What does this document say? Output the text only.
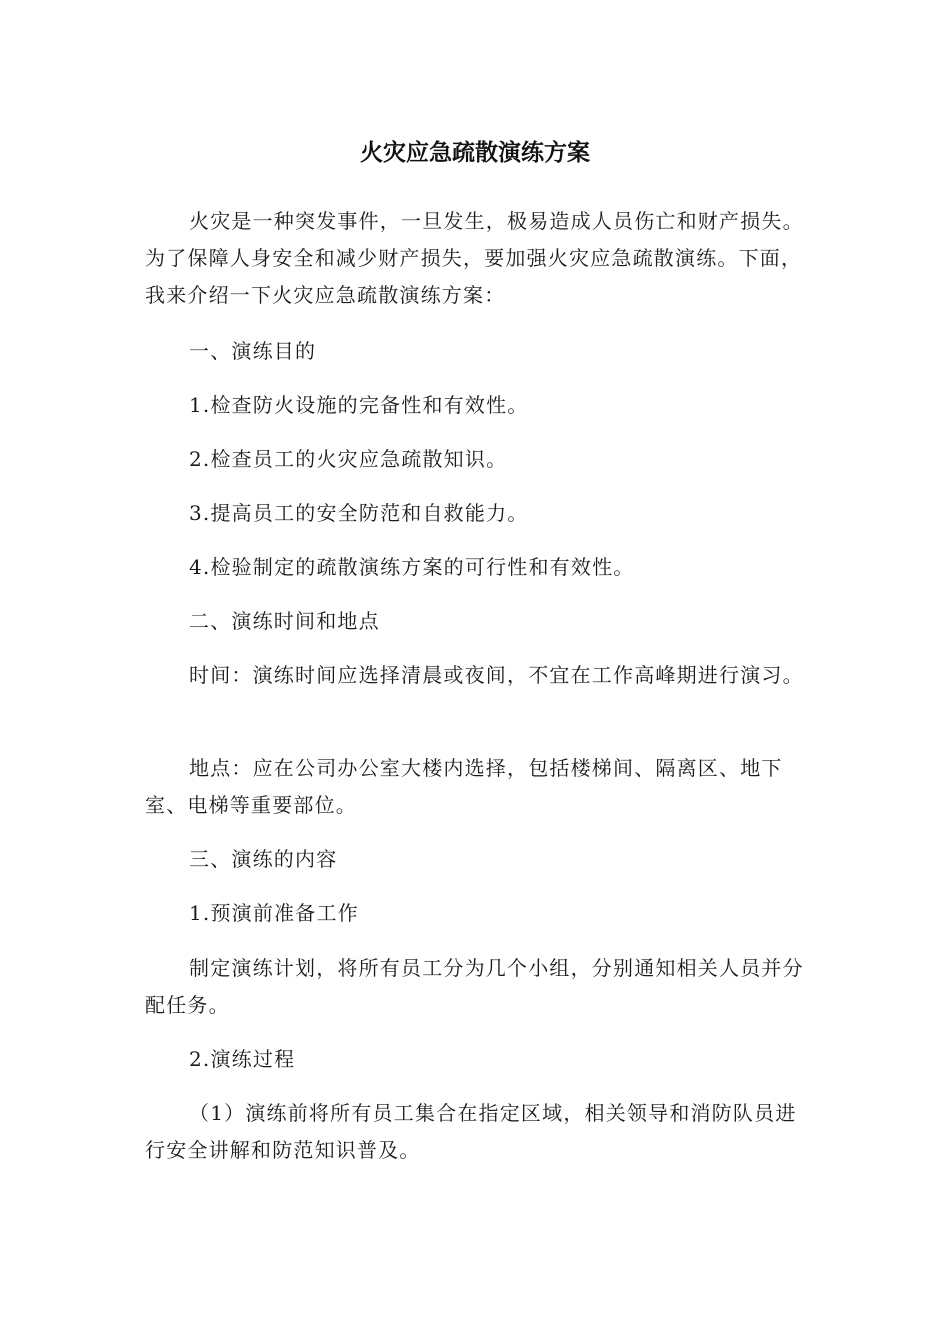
火灾应急疏散演练方案

火灾是一种突发事件，一旦发生，极易造成人员伤亡和财产损失。为了保障人身安全和减少财产损失，要加强火灾应急疏散演练。下面，我来介绍一下火灾应急疏散演练方案：

一、演练目的

1.检查防火设施的完备性和有效性。

2.检查员工的火灾应急疏散知识。

3.提高员工的安全防范和自救能力。

4.检验制定的疏散演练方案的可行性和有效性。

二、演练时间和地点

时间：演练时间应选择清晨或夜间，不宜在工作高峰期进行演习。

地点：应在公司办公室大楼内选择，包括楼梯间、隔离区、地下室、电梯等重要部位。

三、演练的内容

1.预演前准备工作

制定演练计划，将所有员工分为几个小组，分别通知相关人员并分配任务。

2.演练过程

（1）演练前将所有员工集合在指定区域，相关领导和消防队员进行安全讲解和防范知识普及。
